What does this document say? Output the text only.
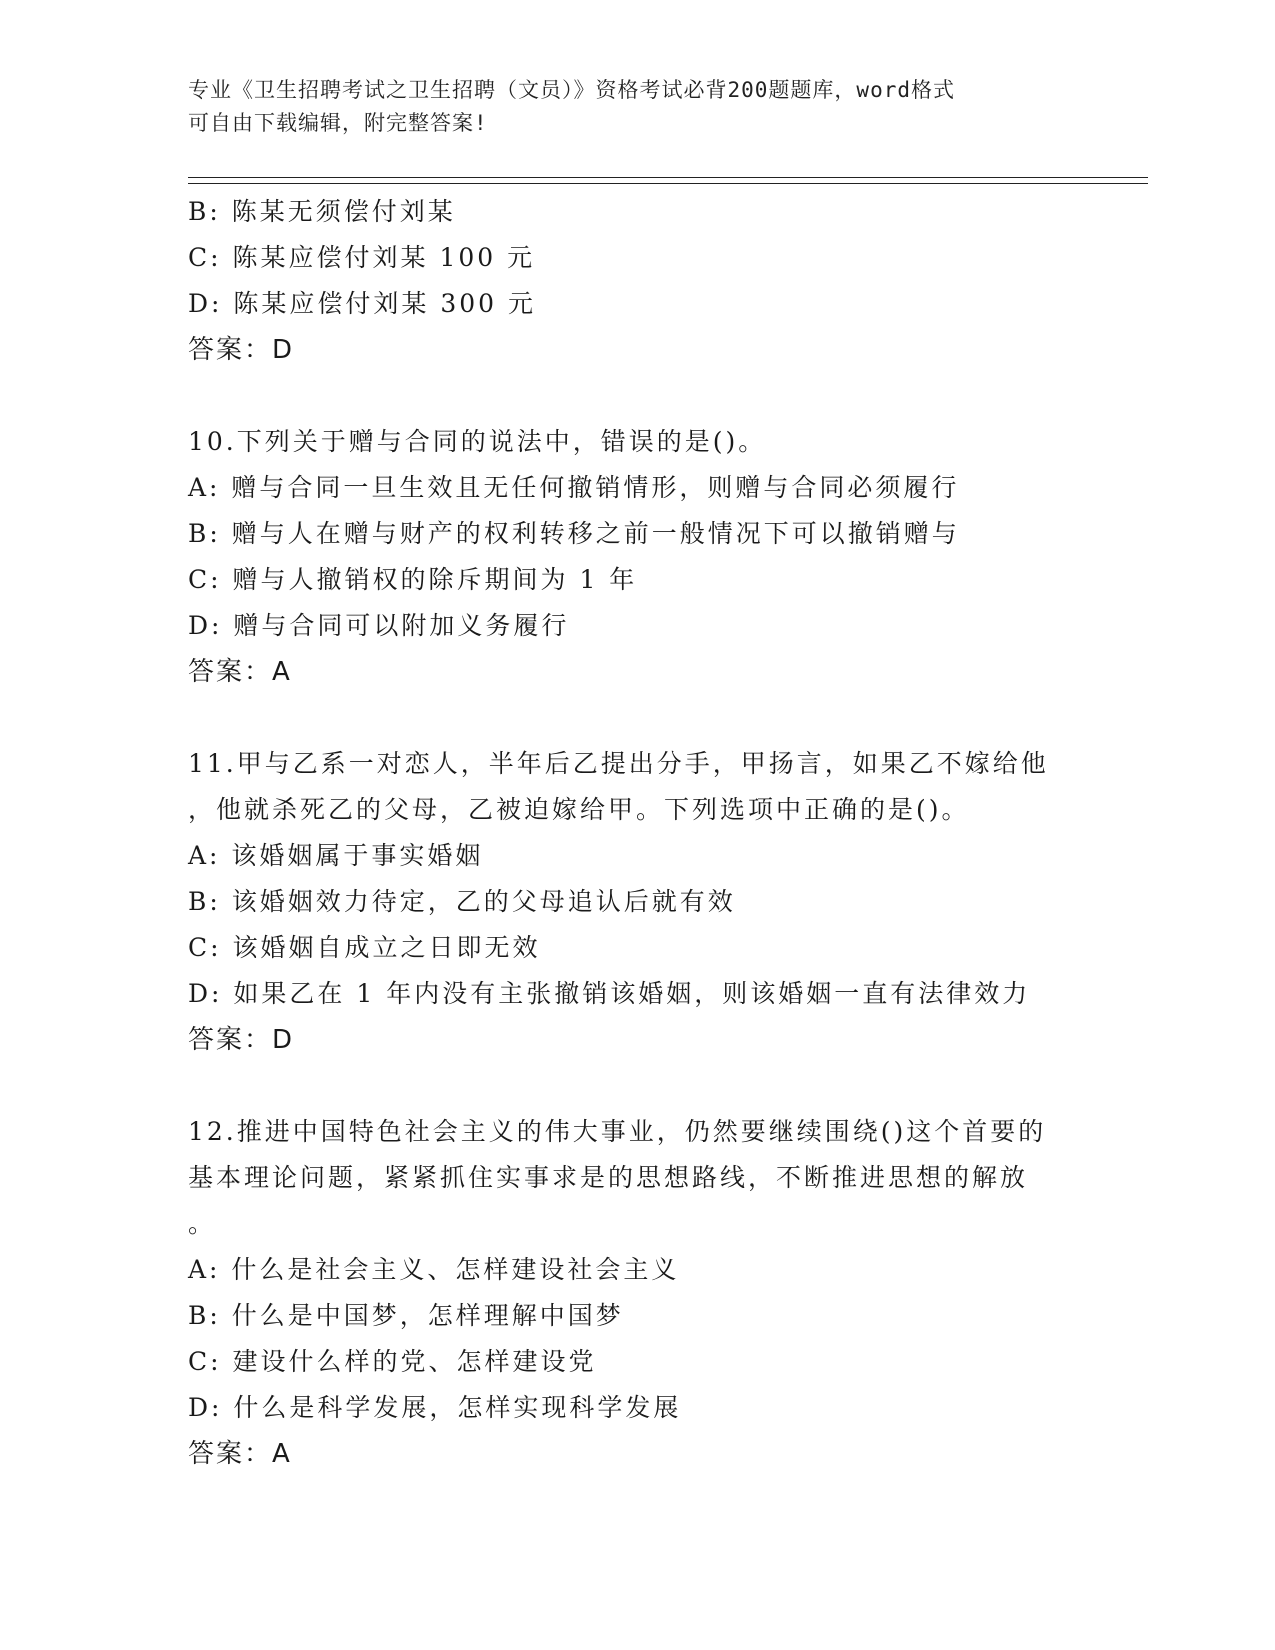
专业《卫生招聘考试之卫生招聘（文员）》资格考试必背200题题库，word格式
可自由下载编辑，附完整答案!
B: 陈某无须偿付刘某
C: 陈某应偿付刘某 100 元
D: 陈某应偿付刘某 300 元
答案：D
10.下列关于赠与合同的说法中，错误的是()。
A: 赠与合同一旦生效且无任何撤销情形，则赠与合同必须履行
B: 赠与人在赠与财产的权利转移之前一般情况下可以撤销赠与
C: 赠与人撤销权的除斥期间为 1 年
D: 赠与合同可以附加义务履行
答案：A
11.甲与乙系一对恋人，半年后乙提出分手，甲扬言，如果乙不嫁给他
，他就杀死乙的父母，乙被迫嫁给甲。下列选项中正确的是()。
A: 该婚姻属于事实婚姻
B: 该婚姻效力待定，乙的父母追认后就有效
C: 该婚姻自成立之日即无效
D: 如果乙在 1 年内没有主张撤销该婚姻，则该婚姻一直有法律效力
答案：D
12.推进中国特色社会主义的伟大事业，仍然要继续围绕()这个首要的
基本理论问题，紧紧抓住实事求是的思想路线，不断推进思想的解放
。
A: 什么是社会主义、怎样建设社会主义
B: 什么是中国梦，怎样理解中国梦
C: 建设什么样的党、怎样建设党
D: 什么是科学发展，怎样实现科学发展
答案：A
